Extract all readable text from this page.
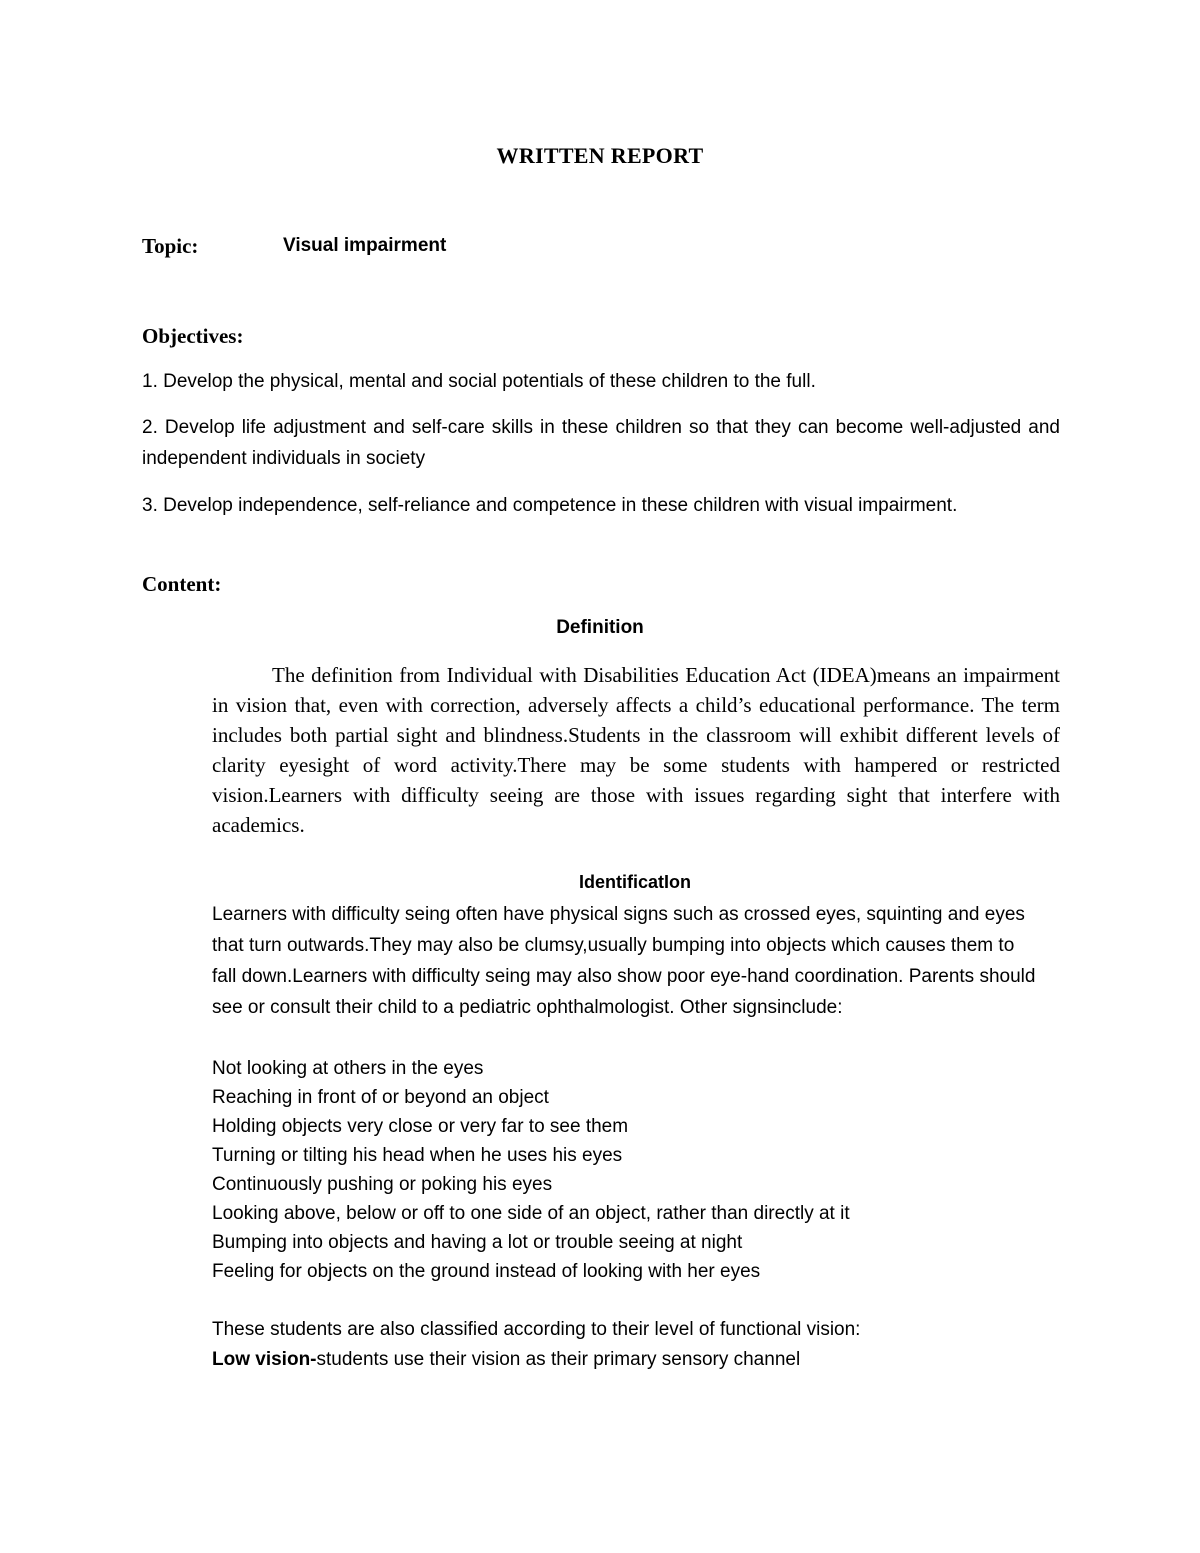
WRITTEN REPORT
Topic:	Visual impairment
Objectives:

1. Develop the physical, mental and social potentials of these children to the full.

2. Develop life adjustment and self-care skills in these children so that they can become well-adjusted and independent individuals in society

3. Develop independence, self-reliance and competence in these children with visual impairment.

Content:
Definition

The definition from Individual with Disabilities Education Act (IDEA)means an impairment in vision that, even with correction, adversely affects a child’s educational performance. The term includes both partial sight and blindness.Students in the classroom will exhibit different levels of clarity eyesight of word activity.There may be some students with hampered or restricted vision.Learners with difficulty seeing are those with issues regarding sight that interfere with academics.

IdentificatIon

Learners with difficulty seing often have physical signs such as crossed eyes, squinting and eyes that turn outwards.They may also be clumsy,usually bumping into objects which causes them to fall down.Learners with difficulty seing may also show poor eye-hand coordination. Parents should see or consult their child to a pediatric ophthalmologist. Other signsinclude:

Not looking at others in the eyes
Reaching in front of or beyond an object
Holding objects very close or very far to see them
Turning or tilting his head when he uses his eyes
Continuously pushing or poking his eyes
Looking above, below or off to one side of an object, rather than directly at it
Bumping into objects and having a lot or trouble seeing at night
Feeling for objects on the ground instead of looking with her eyes

These students are also classified according to their level of functional vision:

Low vision-students use their vision as their primary sensory channel
